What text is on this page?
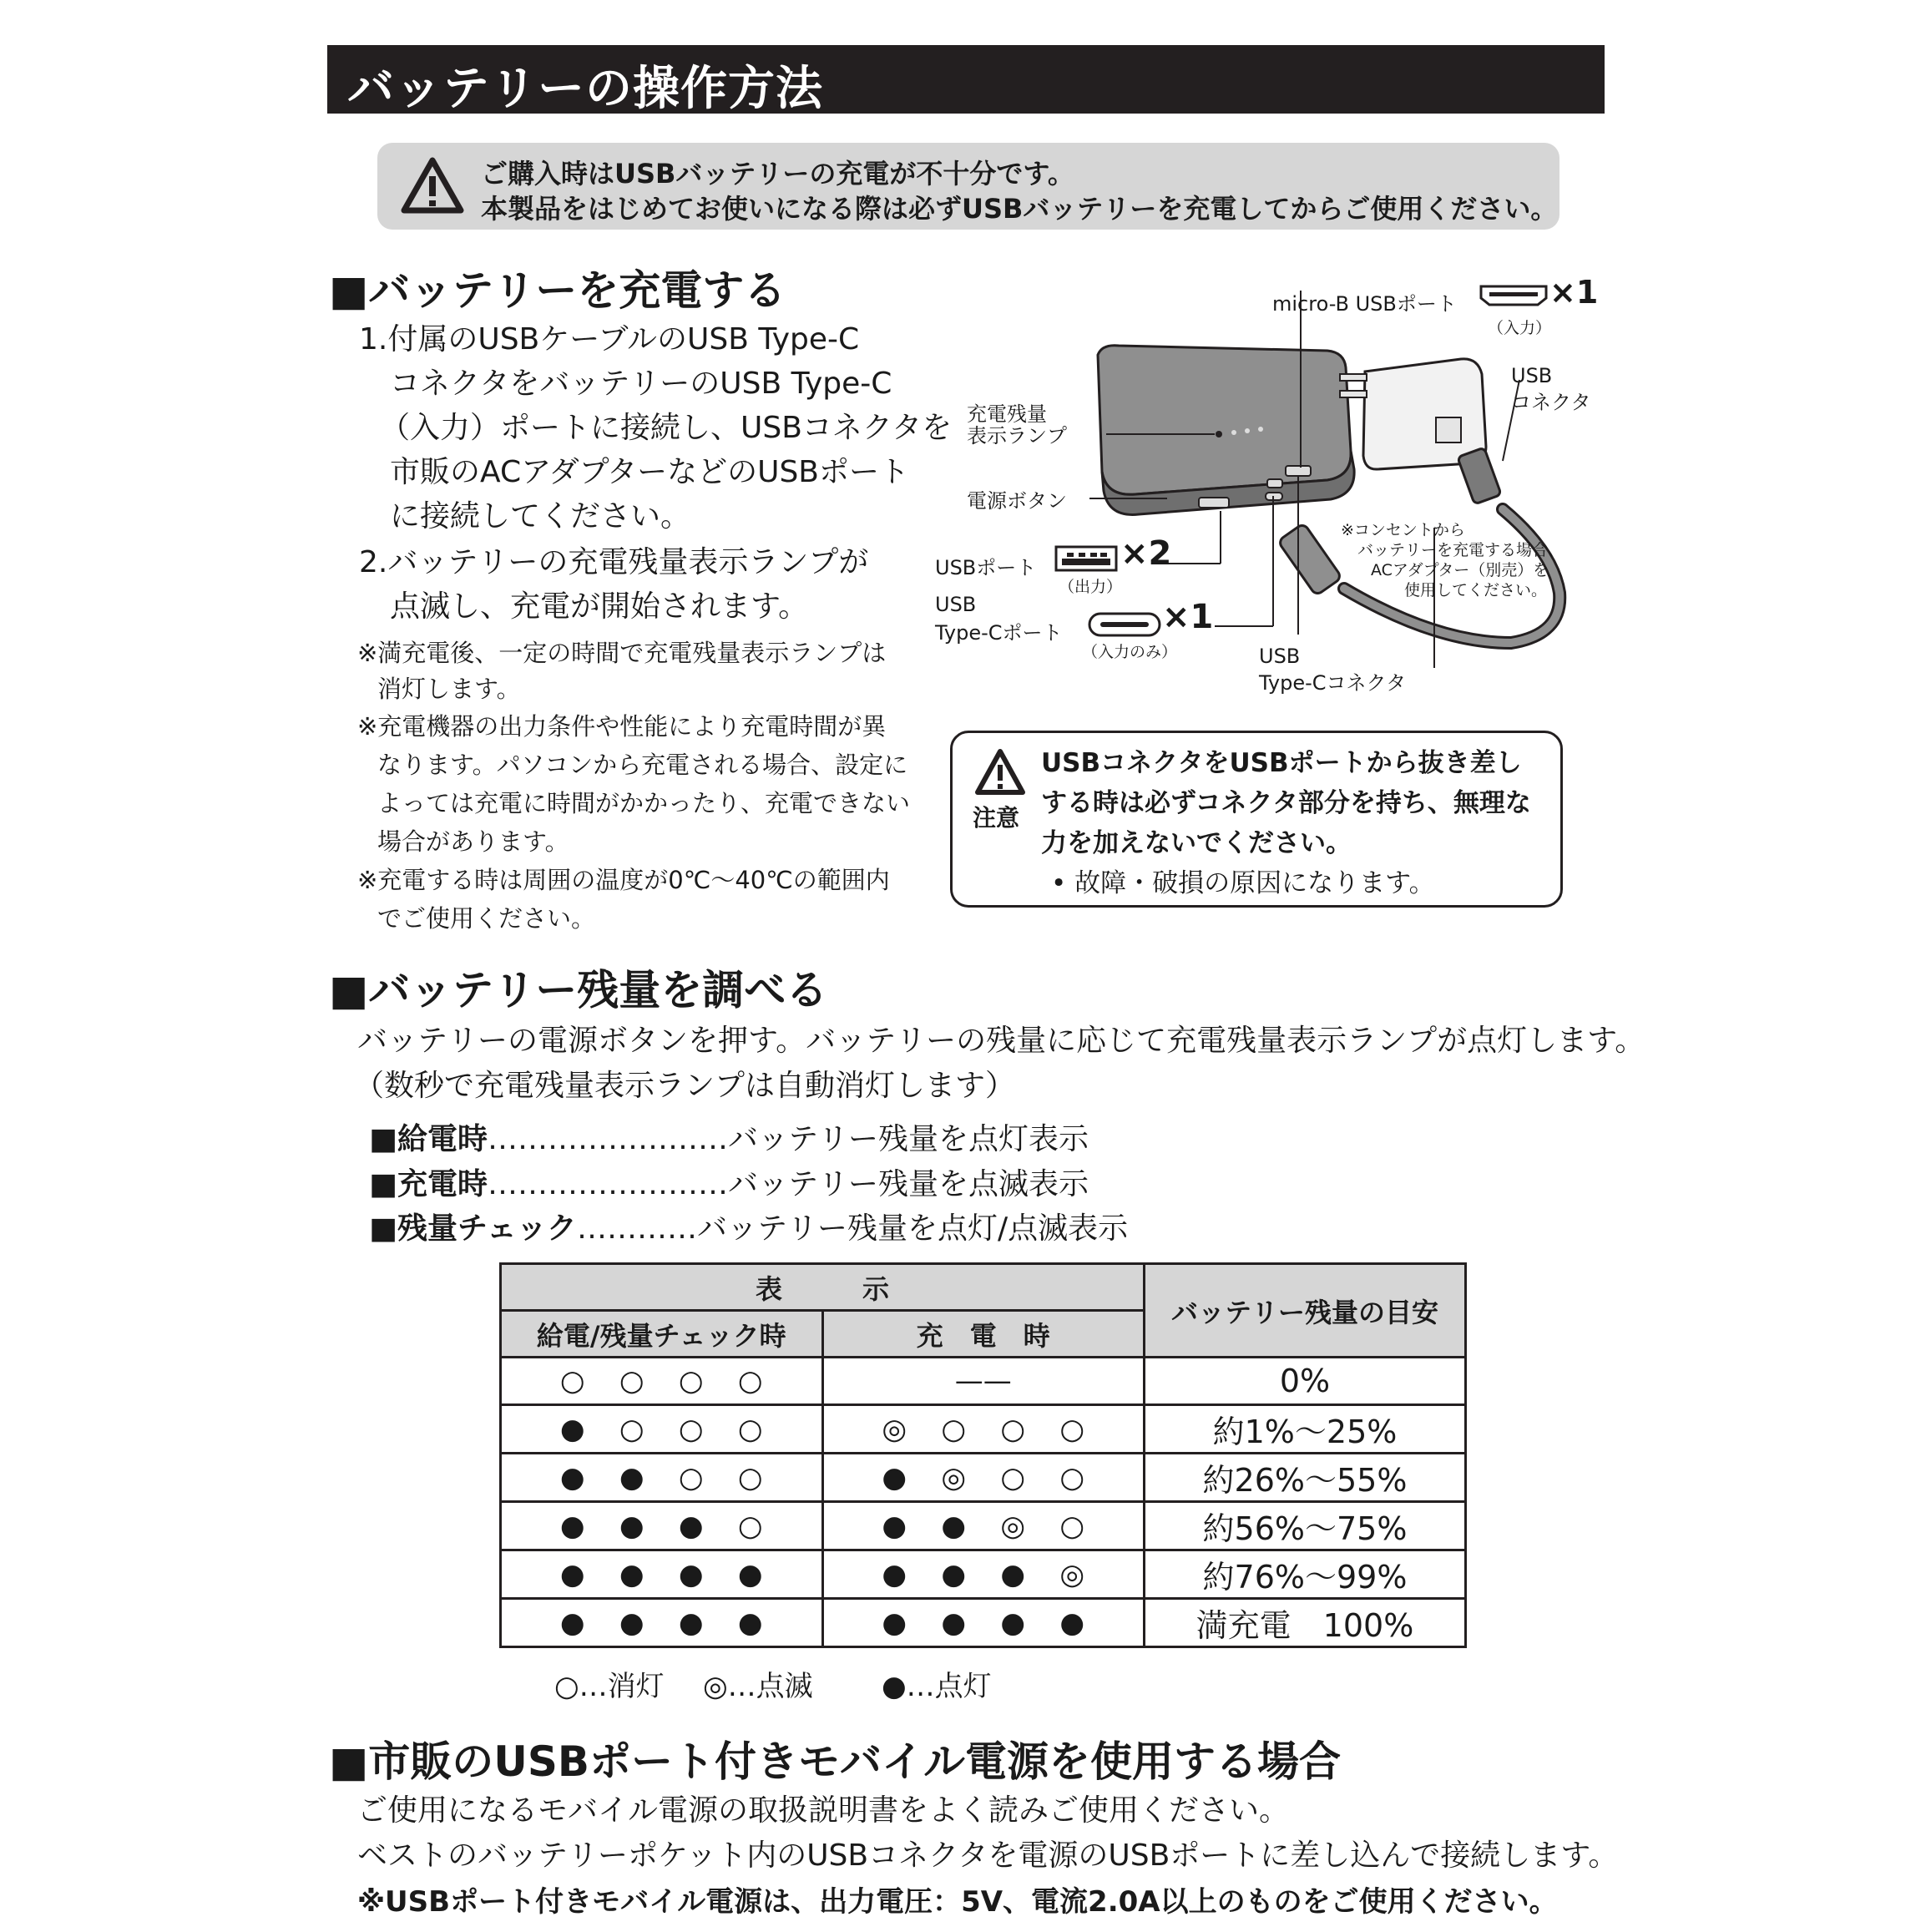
バッテリーの操作方法
ご購入時はUSBバッテリーの充電が不十分です。
本製品をはじめてお使いになる際は必ずUSBバッテリーを充電してからご使用ください。
■バッテリーを充電する
1.付属のUSBケーブルのUSB Type-C
コネクタをバッテリーのUSB Type-C
（入力）ポートに接続し、USBコネクタを
市販のACアダプターなどのUSBポート
に接続してください。
2.バッテリーの充電残量表示ランプが
点滅し、充電が開始されます。
※満充電後、一定の時間で充電残量表示ランプは
消灯します。
※充電機器の出力条件や性能により充電時間が異
なります。パソコンから充電される場合、設定に
よっては充電に時間がかかったり、充電できない
場合があります。
※充電する時は周囲の温度が0℃～40℃の範囲内
でご使用ください。
micro-B USBポート	×1
（入力）
充電残量
表示ランプ
電源ボタン
USBポート	×2
（出力）
USB
Type-Cポート	×1
（入力のみ）
USB
コネクタ
USB
Type-Cコネクタ
※コンセントから
バッテリーを充電する場合、
ACアダプター（別売）を
使用してください。
注意
USBコネクタをUSBポートから抜き差し
する時は必ずコネクタ部分を持ち、無理な
力を加えないでください。
• 故障・破損の原因になります。
■バッテリー残量を調べる
バッテリーの電源ボタンを押す。バッテリーの残量に応じて充電残量表示ランプが点灯します。
（数秒で充電残量表示ランプは自動消灯します）
■給電時……………………バッテリー残量を点灯表示
■充電時……………………バッテリー残量を点滅表示
■残量チェック…………バッテリー残量を点灯/点滅表示
表　　　示		バッテリー残量の目安
給電/残量チェック時	充　電　時	
○ ○ ○ ○	——	0%
● ○ ○ ○	◎ ○ ○ ○	約1%～25%
● ● ○ ○	● ◎ ○ ○	約26%～55%
● ● ● ○	● ● ◎ ○	約56%～75%
● ● ● ●	● ● ● ◎	約76%～99%
● ● ● ●	● ● ● ●	満充電　100%
○…消灯 ◎…点滅 ●…点灯
■市販のUSBポート付きモバイル電源を使用する場合
ご使用になるモバイル電源の取扱説明書をよく読みご使用ください。
ベストのバッテリーポケット内のUSBコネクタを電源のUSBポートに差し込んで接続します。
※USBポート付きモバイル電源は、出力電圧：5V、電流2.0A以上のものをご使用ください。
